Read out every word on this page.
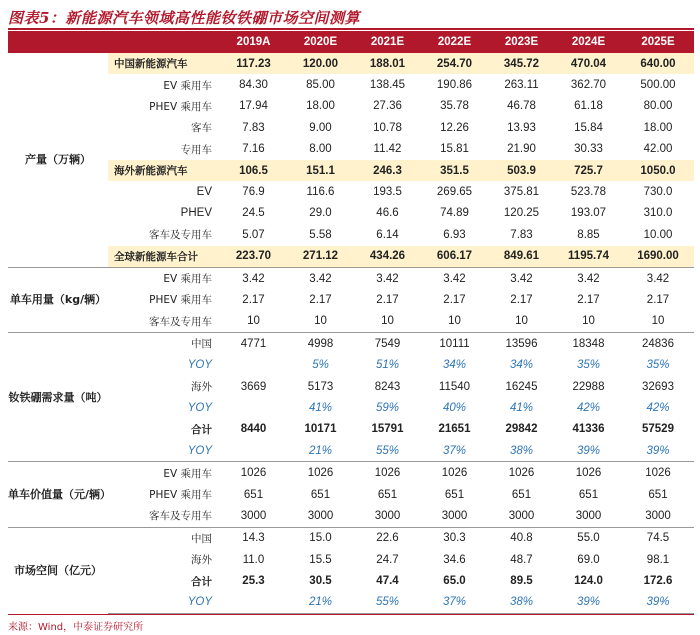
图表5：新能源汽车领域高性能钕铁硼市场空间测算
		2019A	2020E	2021E	2022E	2023E	2024E	2025E
产量（万辆）	中国新能源汽车	117.23	120.00	188.01	254.70	345.72	470.04	640.00
	EV 乘用车	84.30	85.00	138.45	190.86	263.11	362.70	500.00
	PHEV 乘用车	17.94	18.00	27.36	35.78	46.78	61.18	80.00
	客车	7.83	9.00	10.78	12.26	13.93	15.84	18.00
	专用车	7.16	8.00	11.42	15.81	21.90	30.33	42.00
	海外新能源汽车	106.5	151.1	246.3	351.5	503.9	725.7	1050.0
	EV	76.9	116.6	193.5	269.65	375.81	523.78	730.0
	PHEV	24.5	29.0	46.6	74.89	120.25	193.07	310.0
	客车及专用车	5.07	5.58	6.14	6.93	7.83	8.85	10.00
	全球新能源车合计	223.70	271.12	434.26	606.17	849.61	1195.74	1690.00
单车用量（kg/辆）	EV 乘用车	3.42	3.42	3.42	3.42	3.42	3.42	3.42
	PHEV 乘用车	2.17	2.17	2.17	2.17	2.17	2.17	2.17
	客车及专用车	10	10	10	10	10	10	10
钕铁硼需求量（吨）	中国	4771	4998	7549	10111	13596	18348	24836
	YOY		5%	51%	34%	34%	35%	35%
	海外	3669	5173	8243	11540	16245	22988	32693
	YOY		41%	59%	40%	41%	42%	42%
	合计	8440	10171	15791	21651	29842	41336	57529
	YOY		21%	55%	37%	38%	39%	39%
单车价值量（元/辆）	EV 乘用车	1026	1026	1026	1026	1026	1026	1026
	PHEV 乘用车	651	651	651	651	651	651	651
	客车及专用车	3000	3000	3000	3000	3000	3000	3000
市场空间（亿元）	中国	14.3	15.0	22.6	30.3	40.8	55.0	74.5
	海外	11.0	15.5	24.7	34.6	48.7	69.0	98.1
	合计	25.3	30.5	47.4	65.0	89.5	124.0	172.6
	YOY		21%	55%	37%	38%	39%	39%
来源：Wind，中泰证券研究所
